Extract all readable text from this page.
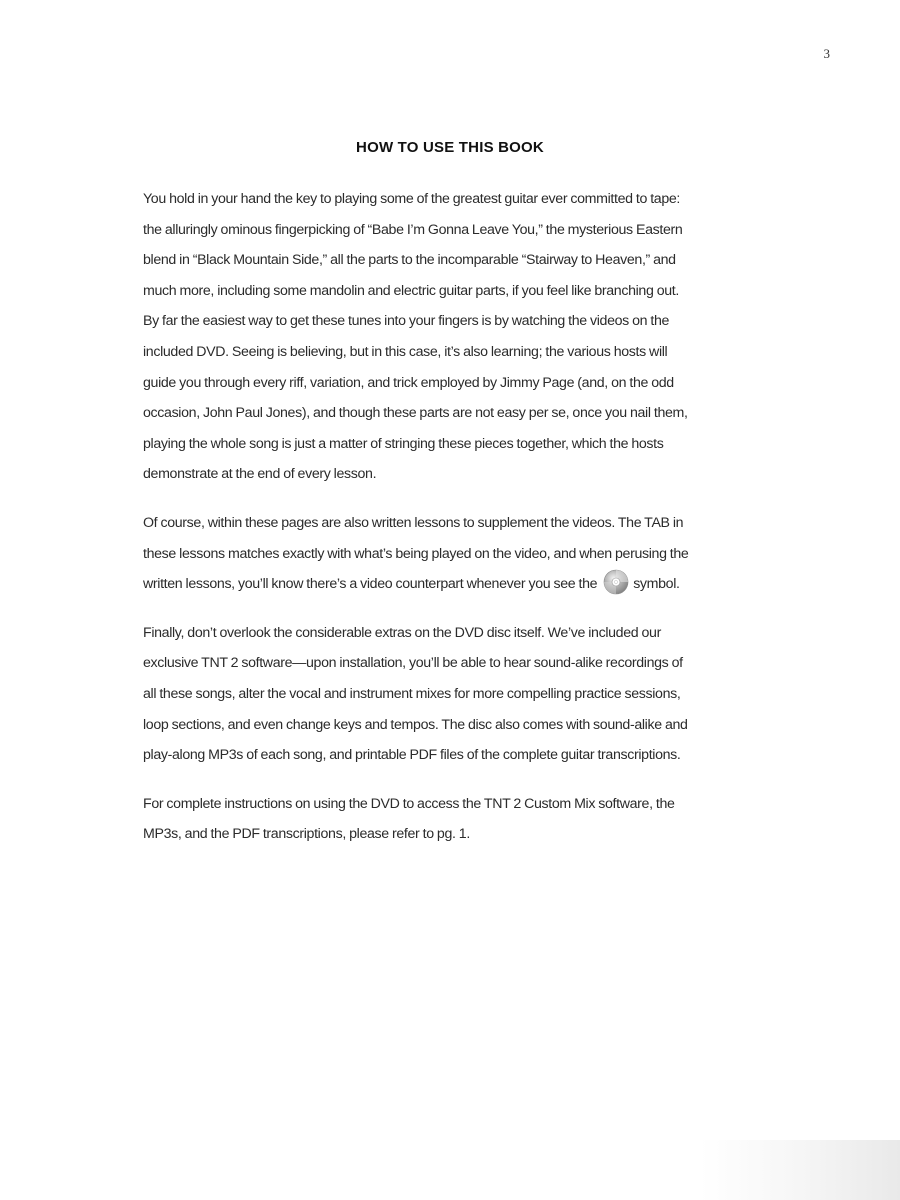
3
HOW TO USE THIS BOOK
You hold in your hand the key to playing some of the greatest guitar ever committed to tape:
the alluringly ominous fingerpicking of “Babe I’m Gonna Leave You,” the mysterious Eastern
blend in “Black Mountain Side,” all the parts to the incomparable “Stairway to Heaven,” and
much more, including some mandolin and electric guitar parts, if you feel like branching out.
By far the easiest way to get these tunes into your fingers is by watching the videos on the
included DVD. Seeing is believing, but in this case, it’s also learning; the various hosts will
guide you through every riff, variation, and trick employed by Jimmy Page (and, on the odd
occasion, John Paul Jones), and though these parts are not easy per se, once you nail them,
playing the whole song is just a matter of stringing these pieces together, which the hosts
demonstrate at the end of every lesson.
Of course, within these pages are also written lessons to supplement the videos. The TAB in
these lessons matches exactly with what’s being played on the video, and when perusing the
written lessons, you’ll know there’s a video counterpart whenever you see the	symbol.
Finally, don’t overlook the considerable extras on the DVD disc itself. We’ve included our
exclusive TNT 2 software—upon installation, you’ll be able to hear sound-alike recordings of
all these songs, alter the vocal and instrument mixes for more compelling practice sessions,
loop sections, and even change keys and tempos. The disc also comes with sound-alike and
play-along MP3s of each song, and printable PDF files of the complete guitar transcriptions.
For complete instructions on using the DVD to access the TNT 2 Custom Mix software, the
MP3s, and the PDF transcriptions, please refer to pg. 1.
